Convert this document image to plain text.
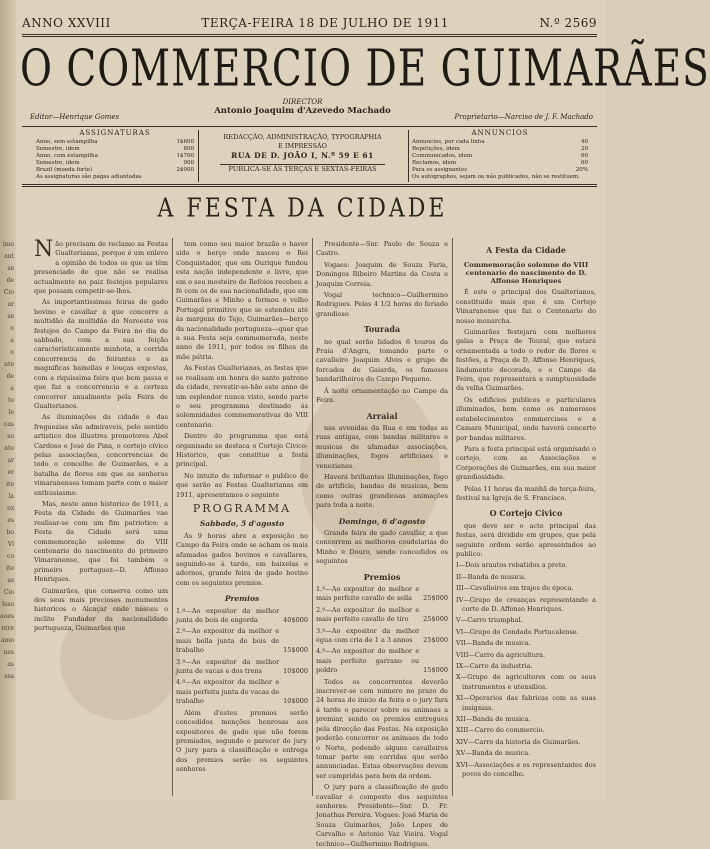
imo
ant
se
de
Cio
ar
se
o
a
o
nte
de
a
to
le
cas
so
ato
ar
er
ite
la
oz
es
ho
Vi
co
ite
as
Cio
Isso
aoes
ntre
amo
nes
as
ssa
ANNO XXVIII	TERÇA-FEIRA 18 DE JULHO DE 1911	N.º 2569
O COMMERCIO DE GUIMARÃES
DIRECTOR
Antonio Joaquim d'Azevedo Machado
Editor—Henrique Gomes	Proprietario—Narciso de J. F. Machado
ASSIGNATURAS
Anno, sem estampilha	1$600
Semestre, idem	800
Anno, com estampilha	1$700
Semestre, idem	900
Brazil (moeda forte)	2$000
As assignaturas são pagas adiantadas
REDACÇÃO, ADMINISTRAÇÃO, TYPOGRAPHIA
E IMPRESSÃO
RUA DE D. JOÃO I, N.º 59 E 61
PUBLICA-SE ÁS TERÇAS E SEXTAS-FEIRAS
ANNUNCIOS
Annuncios, por cada linha	40
Repetições, idem	20
Communicados, idem	60
Reclamos, idem	60
Para os assignantes	20%
Os autographos, sejam ou não publicados, não se restituem.
A FESTA DA CIDADE

Não precisam de reclamo as Festas Gualterianas, porque é um enlevo a opinião de todos os que as têm presenciado de que não se realisa actualmente no paiz festejos populares que possam competir-se-lhes.

As importantissimas feiras de gado bovino e cavallar a que concorre a multidão da multidão do Noroeste vos festejos do Campo da Feira no dia de sabbado, com a sua feição característicamente minhota, a corrida concorrencia de feirantes e as magnificas baixellas e louças expostas, com a riquissima feira que bem passa e que faz a concorrencia e a certeza concorrer anualmente pela Feira de Gualterianos.

As iluminações da cidade e das freguezias são admiraveis, pelo sentido artistico dos illustres promotores Abel Cardoso e José de Pina, o cortejo cívico pelas associações, concorrencias de todo o concelho de Guimarães, e a batalha de flores em que as senhoras vimaranenses tomam parte com o maior enthusiasmo.

Mas, neste anno historico de 1911, a Festa da Cidade de Guimarães vae realisar-se com um fim patriotico: a Festa da Cidade será uma commemoração solemne do VIII centenario do nascimento do primeiro Vimaranense, que foi também o primeiro portuguez—D. Affonso Henriques.

Guimarães, que conserva como um dos seus mais preciosos monumentos historicos o Alcaçar onde nasceu o inclito Fundador da nacionalidade portugueza, Guimarães que

tem como seu maior brazão o haver sido o berço onde nasceu o Rei Conquistador, que em Ourique fundou esta nação independente e livre, que em o seu mosteiro de Refoios recebeu a fé com os de sua nacionalidade, que em Guimarães e Minho a formou o velho Portugal primitivo que se estendeu até às margens do Tejo, Guimarães—berço da nacionalidade portugueza—quer que a sua Festa seja commemorada, neste anno de 1911, por todos os filhos da mãe pátria.

As Festas Gualterianas, as festas que se realisam em honra do santo patrono da cidade, revestir-se-hão este anno de um esplendor nunca visto, sendo parte o seu programma destinado ás solemnidades commemorativas do VIII centenario.

Dentro do programma que está organisado se destaca o Cortejo Civico-Historico, que constitue a festa principal.

No intuito de informar o publico do que serão as Festas Gualterianas em 1911, apresentamos o seguinte

PROGRAMMA
Sabbado, 5 d'agosto

Ás 9 horas abre a exposição no Campo da Feira onde se acham os mais afamados gados bovinos e cavallares, seguindo-se á tarde, em baixelas e adornos, grande feira de gado bovino com os seguintes premios.

Premios
1.º—Ao expositor da melhor junta de bois de engorda	40$000
2.º—Ao expositor da melhor e mais bella junta de bois de trabalho	15$000
3.º—Ao expositor da melhor junta de vacas e dos trens	10$000
4.º—Ao expositor da melhor e mais perfeita junta de vacas de trabalho	10$000

Além d'estes premios serão concedidos menções honrosas aos expositores de gado que não forem premiados, segundo o parecer do jury. O jury para a classificação e entrega dos premios serão os seguintes senhores

Presidente—Snr. Paulo de Souza e Castro.

Vogaes: Joaquim de Souza Faria, Domingos Ribeiro Martins da Costa e Joaquim Correia.

Vogal technico—Guilhermino Rodrigues. Pelas 4 1/2 horas do feriado grandioso

Tourada

no qual serão lidados 6 touros da Praia d'Angra, tomando parte o cavalleiro Joaquim Alves e grupo de forcados de Gaiarda, os famosos bandarilheiros do Campo Pequeno.

Á noite ornamentação no Campo da Feira.

Arraial

nas avenidas da Rua e em todas as ruas antigas, com bandas militares e musicas de afamadas associações, illuminações, fogos artificiaes e venezianas.

Haverá brilhantes illuminações, fogo de artificio, bandas de musicas, bem como outras grandiosas animações para toda a noite.

Domingo, 6 d'agosto

Grande feira de gado cavallar, a que concorrem as melhores coudelarias do Minho e Douro, sendo concedidos os seguintes

Premios
1.º—Ao expositor do melhor e mais perfeito cavallo de sella	25$000
2.º—Ao expositor do melhor e mais perfeito cavallo de tiro	25$000
3.º—Ao expositor da melhor égua com cria de 1 a 3 annos	25$000
4.º—Ao expositor do melhor e mais perfeito garrano ou poldro	15$000

Todos os concorrentes deverão inscrever-se com numero no prazo de 24 horas do inicio da feira e o jury fará á tarde o parecer sobre os animaes a premiar, sendo os premios entregues pela direcção das Festas. Na exposição poderão concorrer os animaes de todo o Norte, podendo alguns cavalleiros tomar parte em corridas que serão annunciadas. Estas observações devem ser cumpridas para bem da ordem.

O jury para a classificação do gado cavallar é composto dos seguintes senhores: Presidente—Snr. D. Fr. Jonathas Pereira. Vogaes: José Maria de Souza Guimarães, João Lopes de Carvalho e Antonio Vaz Vieira. Vogal technico—Guilhermino Rodrigues.

A Festa da Cidade
Commemoração solemne do VIII centenario do nascimento de D. Affonso Henriques

É este o principal dos Gualterianos, constituído mais que é um Cortejo Vimaranense que faz o Centenario do nosso monarcha.

Guimarães festejará com melhores galas a Praça de Toural, que estará ornamentada a todo o redor de flores e festões, a Praça de D. Affonso Henriques, lindamente decorada, e o Campo da Feira, que representará a sumptuosidade da velha Guimarães.

Os edificios publicos e particulares illuminados, bem como os numerosos estabelecimentos commerciaes e a Camara Municipal, onde haverá concerto por bandas militares.

Para a festa principal está organisado o cortejo, com as Associações e Corporações de Guimarães, em sua maior grandiosidade.

Pelas 11 horas da manhã de terça-feira, festival na Igreja de S. Francisco.

O Cortejo Civico

que deve ser o acto principal das festas, será dividido em grupos, que pela seguinte ordem serão apresentados ao publico:

I—Dois arautos rebatidos a preto.

II—Banda de musica.

III—Cavalleiros em trajes de época.

IV—Grupo de creanças representando a corte de D. Affonso Henriques.

V—Carro triumphal.

VI—Grupo do Condado Portucalense.

VII—Banda de musica.

VIII—Carro da agricultura.

IX—Carro da industria.

X—Grupo de agricultores com os seus instrumentos e utensilios.

XI—Operarios das fabricas com as suas insignias.

XII—Banda de musica.

XIII—Carro do commercio.

XIV—Carro da historia de Guimarães.

XV—Banda de musica.

XVI—Associações e os representantes dos povos do concelho.
